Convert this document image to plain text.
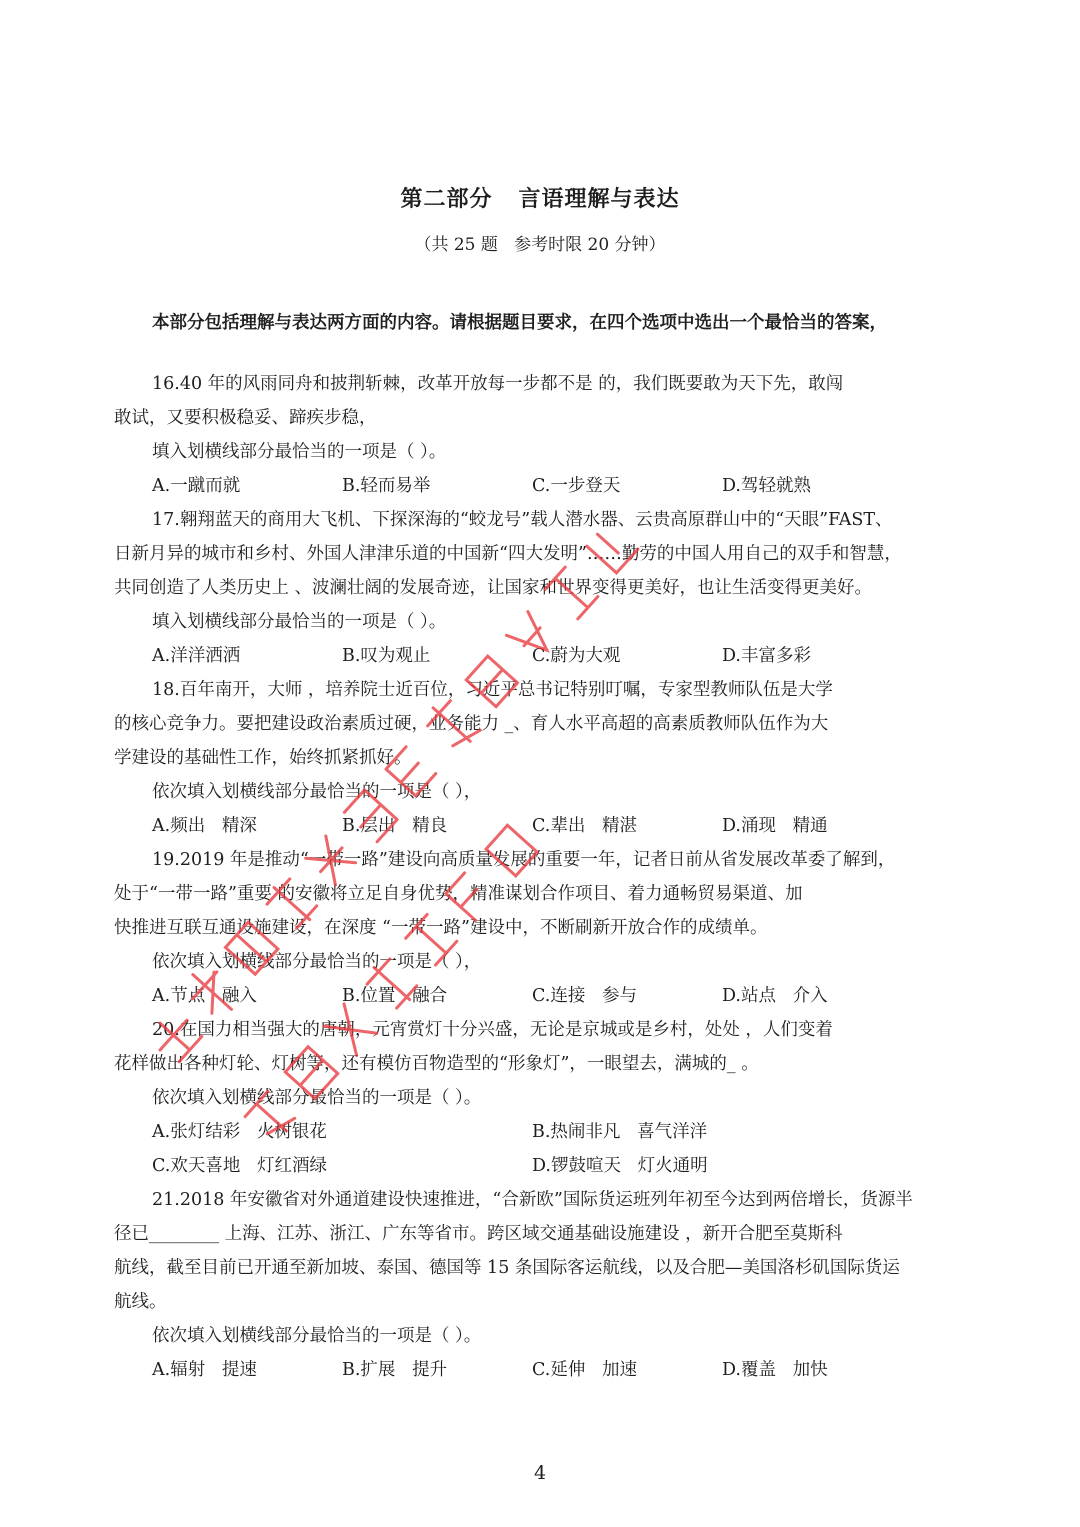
第二部分   言语理解与表达
（共 25 题   参考时限 20 分钟）
本部分包括理解与表达两方面的内容。请根据题目要求，在四个选项中选出一个最恰当的答案，
16.40 年的风雨同舟和披荆斩棘，改革开放每一步都不是 的，我们既要敢为天下先，敢闯
敢试，又要积极稳妥、蹄疾步稳，
填入划横线部分最恰当的一项是（ ）。
A.一蹴而就	B.轻而易举	C.一步登天	D.驾轻就熟
17.翱翔蓝天的商用大飞机、下探深海的“蛟龙号”载人潜水器、云贵高原群山中的“天眼”FAST、
日新月异的城市和乡村、外国人津津乐道的中国新“四大发明”……勤劳的中国人用自己的双手和智慧，
共同创造了人类历史上 、波澜壮阔的发展奇迹，让国家和世界变得更美好，也让生活变得更美好。
填入划横线部分最恰当的一项是（ ）。
A.洋洋洒洒	B.叹为观止	C.蔚为大观	D.丰富多彩
18.百年南开，大师 ，培养院士近百位，习近平总书记特别叮嘱，专家型教师队伍是大学
的核心竞争力。要把建设政治素质过硬，业务能力 _、育人水平高超的高素质教师队伍作为大
学建设的基础性工作，始终抓紧抓好。
依次填入划横线部分最恰当的一项是（ ），
A.频出   精深	B.层出   精良	C.辈出   精湛	D.涌现   精通
19.2019 年是推动“一带一路”建设向高质量发展的重要一年，记者日前从省发展改革委了解到，
处于“一带一路”重要 的安徽将立足自身优势，精准谋划合作项目、着力通畅贸易渠道、加
快推进互联互通设施建设，在深度 “一带一路”建设中，不断刷新开放合作的成绩单。
依次填入划横线部分最恰当的一项是（ ），
A.节点   融入	B.位置   融合	C.连接   参与	D.站点   介入
20.在国力相当强大的唐朝，元宵赏灯十分兴盛，无论是京城或是乡村，处处 ，人们变着
花样做出各种灯轮、灯树等，还有模仿百物造型的“形象灯”，一眼望去，满城的_ 。
依次填入划横线部分最恰当的一项是（ ）。
A.张灯结彩   火树银花	B.热闹非凡   喜气洋洋
C.欢天喜地   灯红酒绿	D.锣鼓喧天   灯火通明
21.2018 年安徽省对外通道建设快速推进，“合新欧”国际货运班列年初至今达到两倍增长，货源半
径已________ 上海、江苏、浙江、广东等省市。跨区域交通基础设施建设 ，新开合肥至莫斯科
航线，截至目前已开通至新加坡、泰国、德国等 15 条国际客运航线，以及合肥—美国洛杉矶国际货运
航线。
依次填入划横线部分最恰当的一项是（ ）。
A.辐射   提速	B.扩展   提升	C.延伸   加速	D.覆盖   加快
4
